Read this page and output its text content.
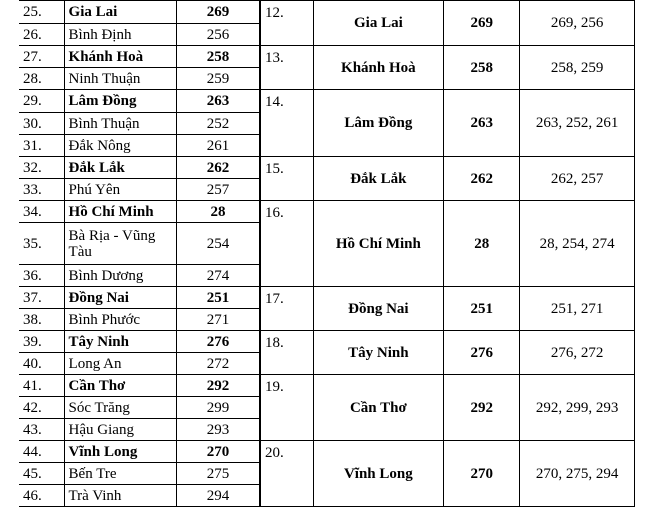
25.	Gia Lai	269
26.	Bình Định	256
27.	Khánh Hoà	258
28.	Ninh Thuận	259
29.	Lâm Đồng	263
30.	Bình Thuận	252
31.	Đắk Nông	261
32.	Đắk Lắk	262
33.	Phú Yên	257
34.	Hồ Chí Minh	28
35.	Bà Rịa - Vũng Tàu	254
36.	Bình Dương	274
37.	Đồng Nai	251
38.	Bình Phước	271
39.	Tây Ninh	276
40.	Long An	272
41.	Cần Thơ	292
42.	Sóc Trăng	299
43.	Hậu Giang	293
44.	Vĩnh Long	270
45.	Bến Tre	275
46.	Trà Vinh	294
12.	Gia Lai	269	269, 256
13.	Khánh Hoà	258	258, 259
14.	Lâm Đồng	263	263, 252, 261
15.	Đắk Lắk	262	262, 257
16.	Hồ Chí Minh	28	28, 254, 274
17.	Đồng Nai	251	251, 271
18.	Tây Ninh	276	276, 272
19.	Cần Thơ	292	292, 299, 293
20.	Vĩnh Long	270	270, 275, 294
